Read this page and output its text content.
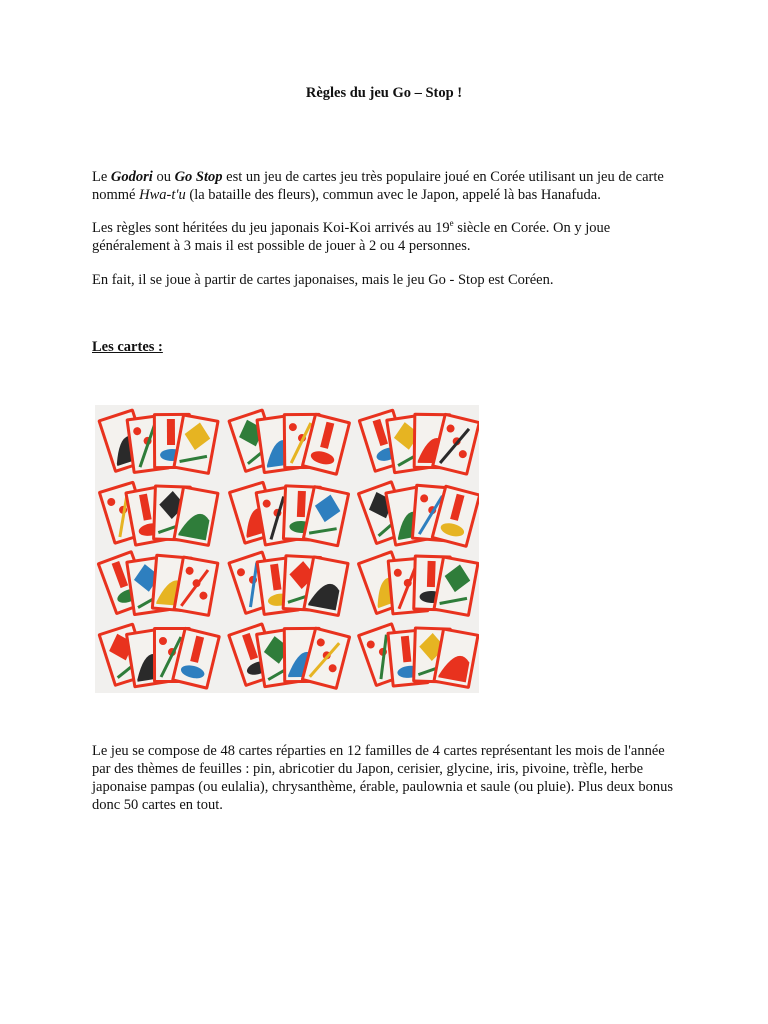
Règles du jeu Go – Stop !

Le Godori ou Go Stop est un jeu de cartes jeu très populaire joué en Corée utilisant un jeu de carte nommé Hwa-t'u (la bataille des fleurs), commun avec le Japon, appelé là bas Hanafuda.

Les règles sont héritées du jeu japonais Koi-Koi arrivés au 19e siècle en Corée. On y joue généralement à 3 mais il est possible de jouer à 2 ou 4 personnes.

En fait, il se joue à partir de cartes japonaises, mais le jeu Go - Stop est Coréen.

Les cartes :

Le jeu se compose de 48 cartes réparties en 12 familles de 4 cartes représentant les mois de l'année par des thèmes de feuilles : pin, abricotier du Japon, cerisier, glycine, iris, pivoine, trèfle, herbe japonaise pampas (ou eulalia), chrysanthème, érable, paulownia et saule (ou pluie). Plus deux bonus donc 50 cartes en tout.
